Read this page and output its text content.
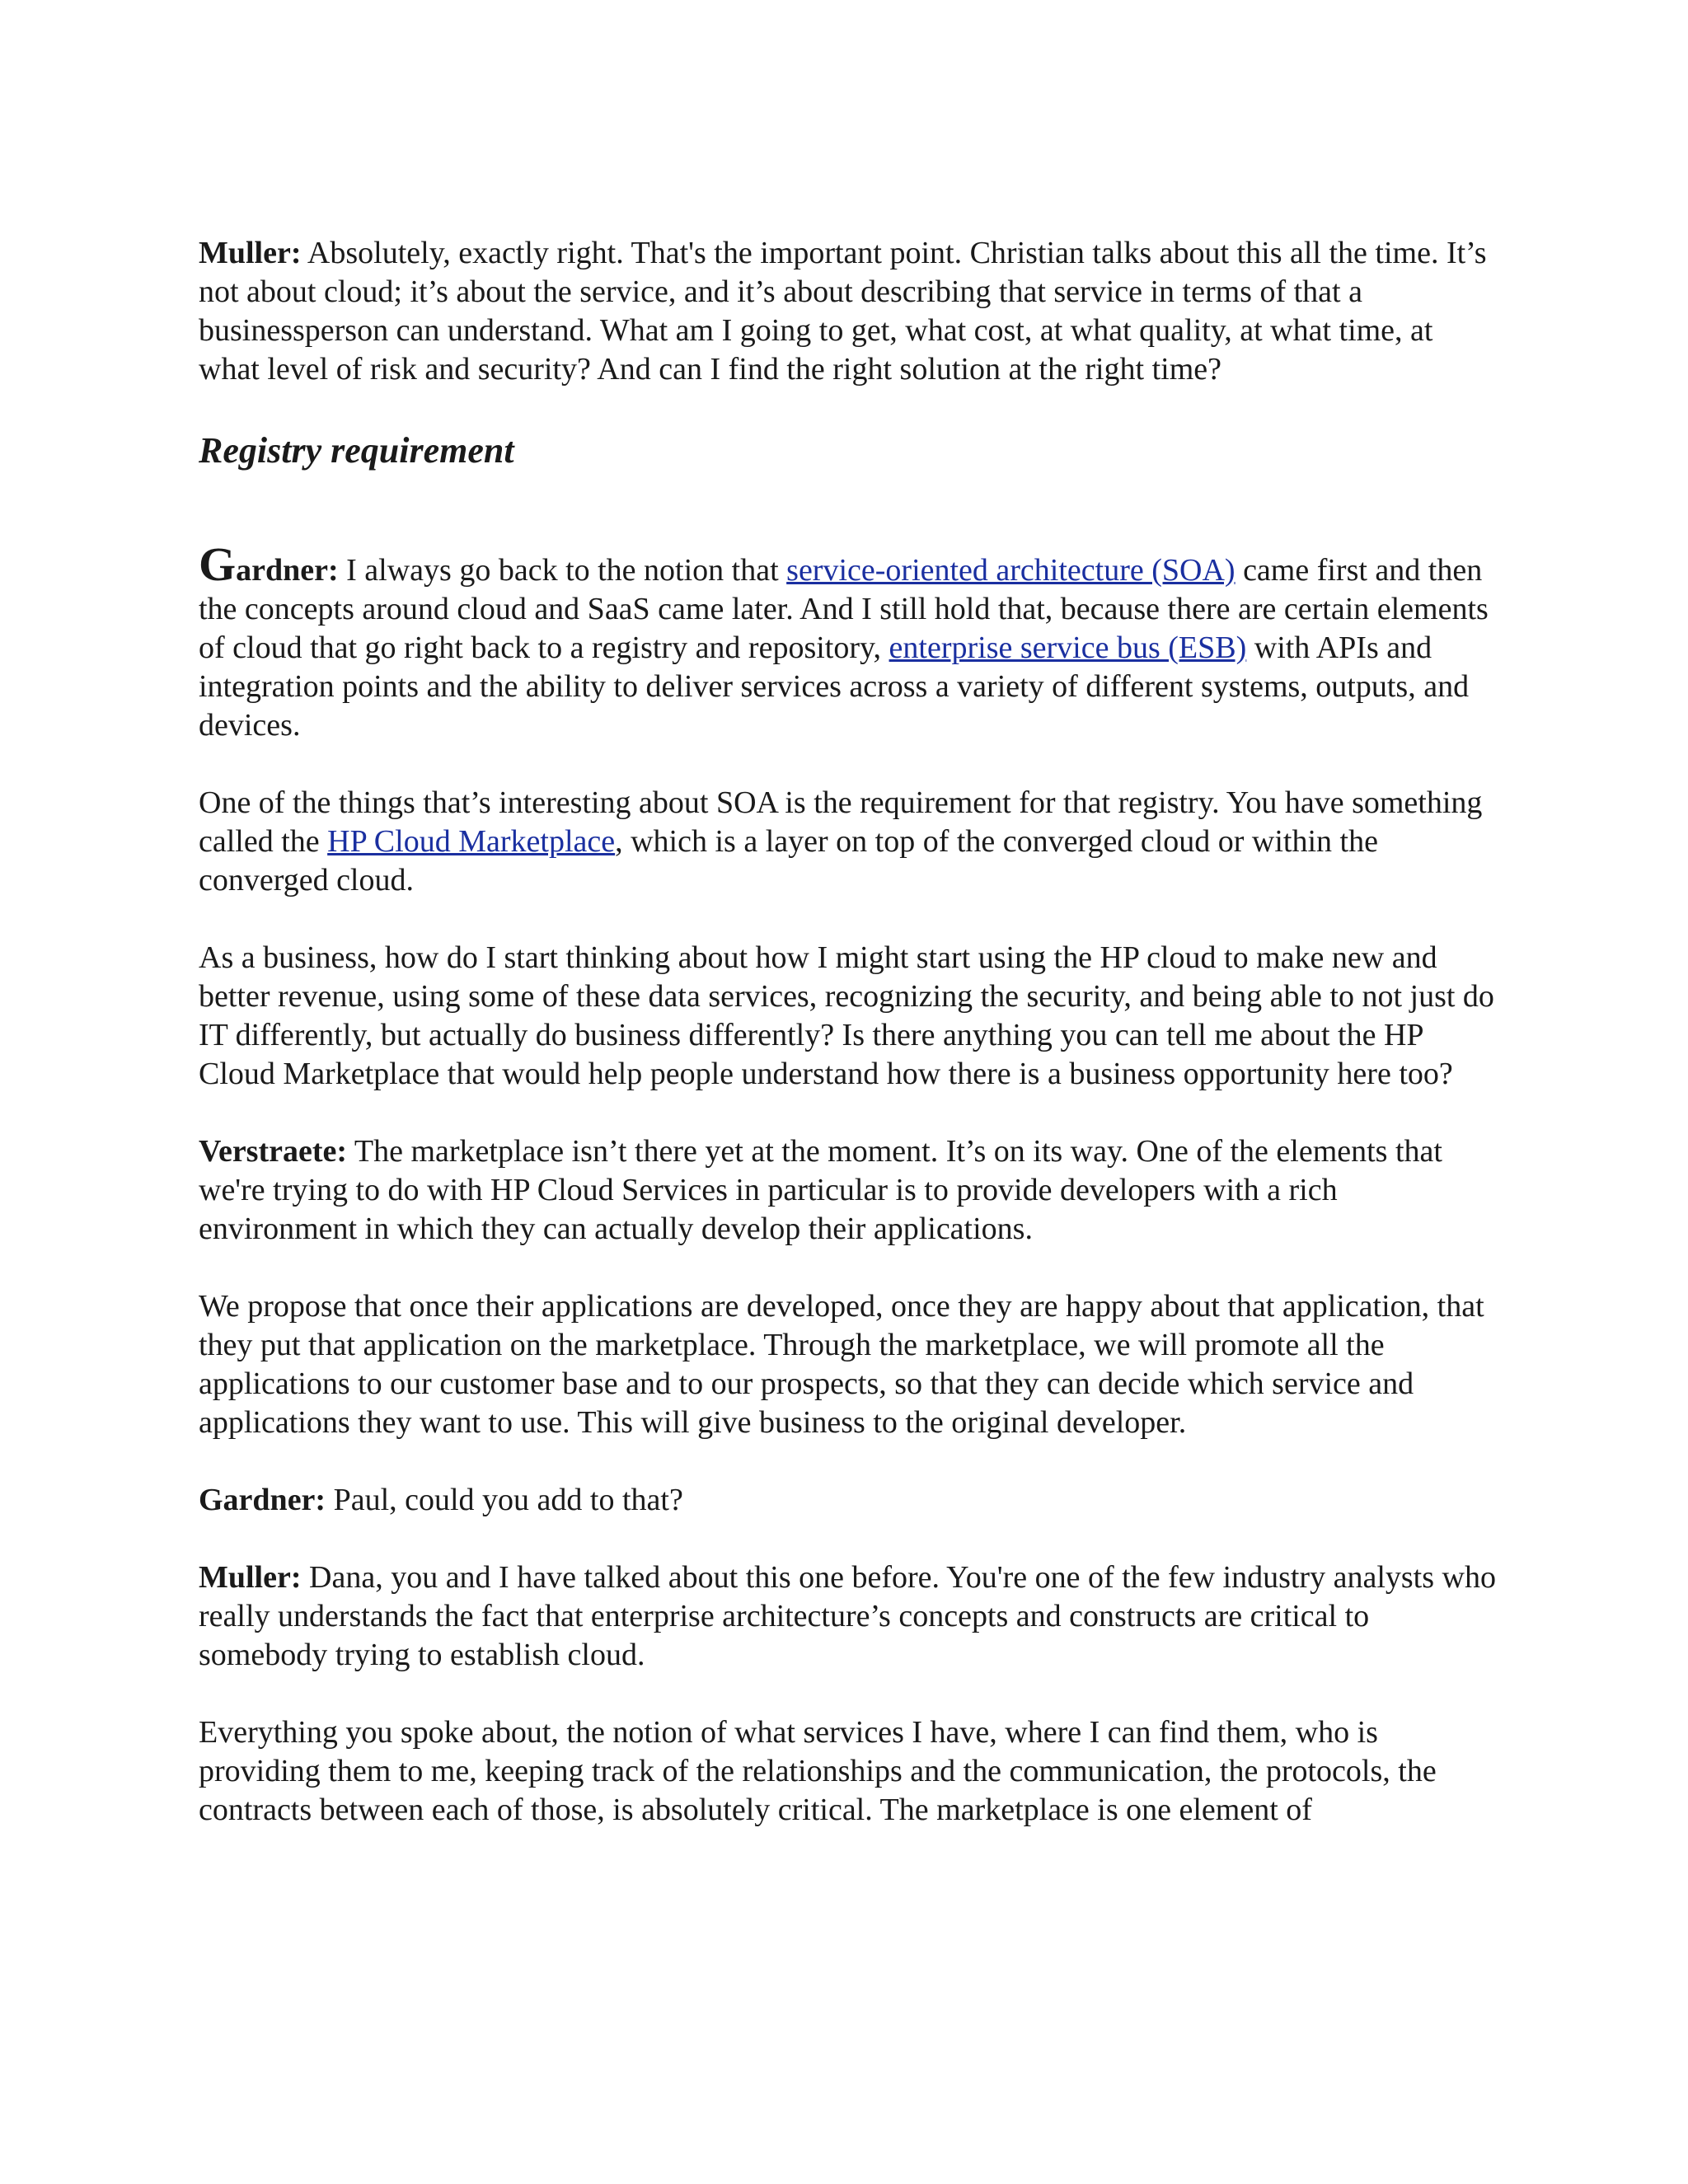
Muller: Absolutely, exactly right. That's the important point. Christian talks about this all the time. It’s not about cloud; it’s about the service, and it’s about describing that service in terms of that a businessperson can understand. What am I going to get, what cost, at what quality, at what time, at what level of risk and security? And can I find the right solution at the right time?

Registry requirement

Gardner: I always go back to the notion that service-oriented architecture (SOA) came first and then the concepts around cloud and SaaS came later. And I still hold that, because there are certain elements of cloud that go right back to a registry and repository, enterprise service bus (ESB) with APIs and integration points and the ability to deliver services across a variety of different systems, outputs, and devices.

One of the things that’s interesting about SOA is the requirement for that registry. You have something called the HP Cloud Marketplace, which is a layer on top of the converged cloud or within the converged cloud.

As a business, how do I start thinking about how I might start using the HP cloud to make new and better revenue, using some of these data services, recognizing the security, and being able to not just do IT differently, but actually do business differently? Is there anything you can tell me about the HP Cloud Marketplace that would help people understand how there is a business opportunity here too?

Verstraete: The marketplace isn’t there yet at the moment. It’s on its way. One of the elements that we're trying to do with HP Cloud Services in particular is to provide developers with a rich environment in which they can actually develop their applications.

We propose that once their applications are developed, once they are happy about that application, that they put that application on the marketplace. Through the marketplace, we will promote all the applications to our customer base and to our prospects, so that they can decide which service and applications they want to use. This will give business to the original developer.

Gardner: Paul, could you add to that?

Muller: Dana, you and I have talked about this one before. You're one of the few industry analysts who really understands the fact that enterprise architecture’s concepts and constructs are critical to somebody trying to establish cloud.

Everything you spoke about, the notion of what services I have, where I can find them, who is providing them to me, keeping track of the relationships and the communication, the protocols, the contracts between each of those, is absolutely critical. The marketplace is one element of
